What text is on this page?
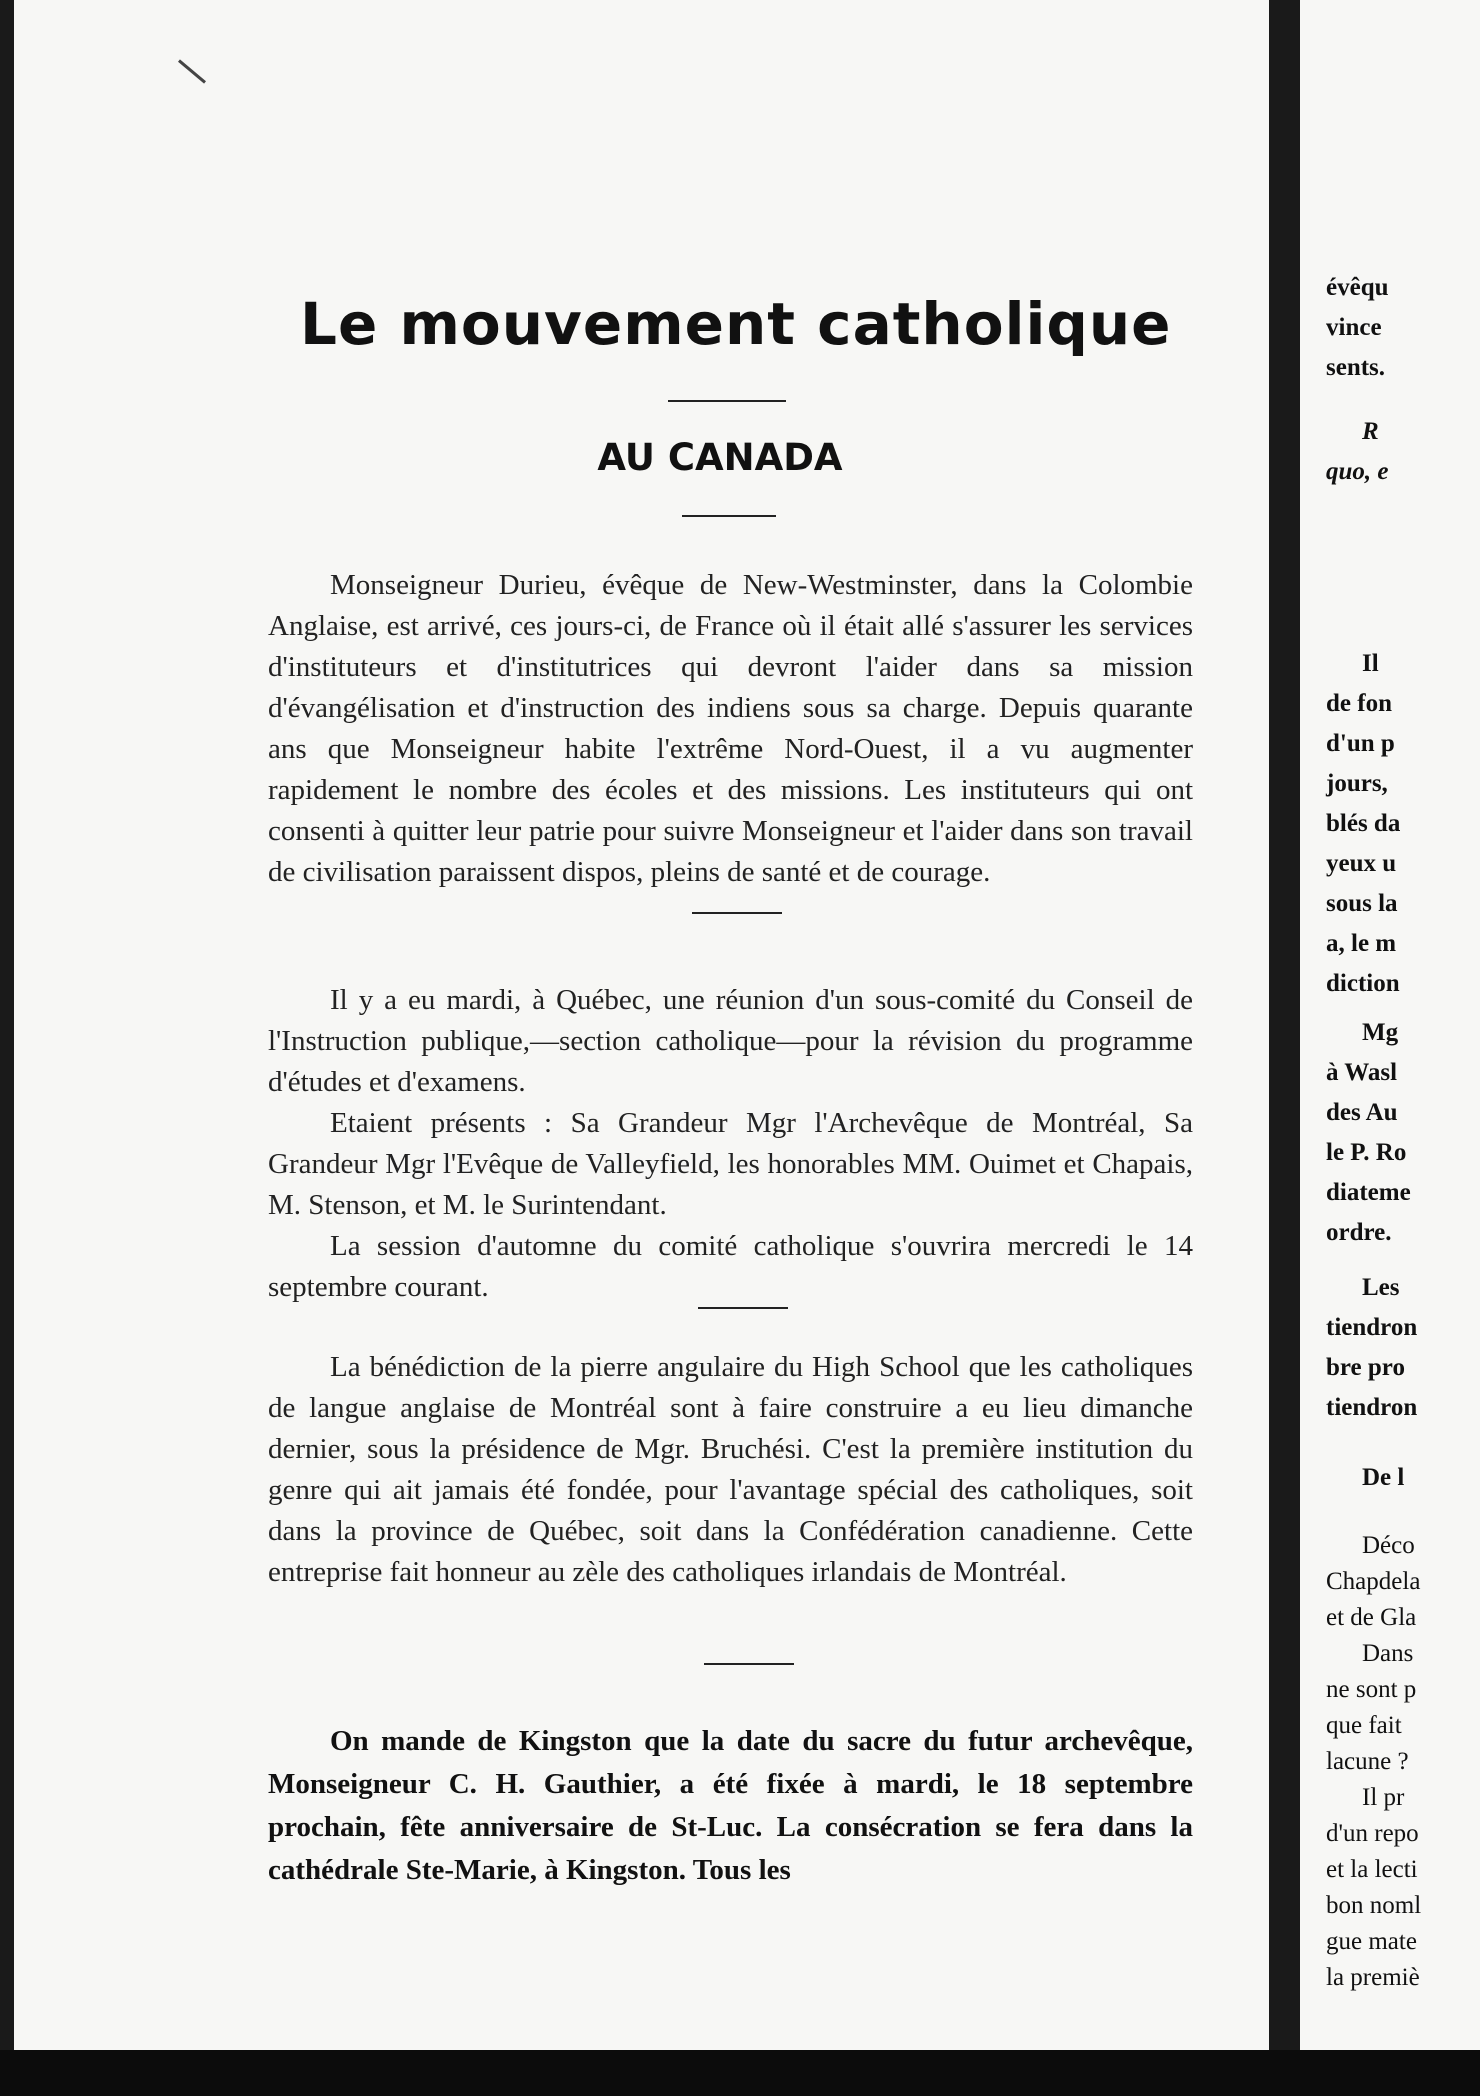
Le mouvement catholique
AU CANADA

Monseigneur Durieu, évêque de New-Westminster, dans la Colombie Anglaise, est arrivé, ces jours-ci, de France où il était allé s'assurer les services d'instituteurs et d'institutrices qui devront l'aider dans sa mission d'évangélisation et d'instruction des indiens sous sa charge. Depuis quarante ans que Monseigneur habite l'extrême Nord-Ouest, il a vu augmenter rapidement le nombre des écoles et des missions. Les instituteurs qui ont consenti à quitter leur patrie pour suivre Monseigneur et l'aider dans son travail de civilisation paraissent dispos, pleins de santé et de courage.

Il y a eu mardi, à Québec, une réunion d'un sous-comité du Conseil de l'Instruction publique,—section catholique—pour la révision du programme d'études et d'examens.

Etaient présents : Sa Grandeur Mgr l'Archevêque de Montréal, Sa Grandeur Mgr l'Evêque de Valleyfield, les honorables MM. Ouimet et Chapais, M. Stenson, et M. le Surintendant.

La session d'automne du comité catholique s'ouvrira mercredi le 14 septembre courant.

La bénédiction de la pierre angulaire du High School que les catholiques de langue anglaise de Montréal sont à faire construire a eu lieu dimanche dernier, sous la présidence de Mgr. Bruchési. C'est la première institution du genre qui ait jamais été fondée, pour l'avantage spécial des catholiques, soit dans la province de Québec, soit dans la Confédération canadienne. Cette entreprise fait honneur au zèle des catholiques irlandais de Montréal.

On mande de Kingston que la date du sacre du futur archevêque, Monseigneur C. H. Gauthier, a été fixée à mardi, le 18 septembre prochain, fête anniversaire de St-Luc. La consécration se fera dans la cathédrale Ste-Marie, à Kingston. Tous les

évêqu
vince
sents.
R
quo, e
Il
de fon
d'un p
jours,
blés da
yeux u
sous la
a, le m
diction
Mg
à Wasl
des Au
le P. Ro
diateme
ordre.
Les
tiendron
bre pro
tiendron
De l
Déco
Chapdela
et de Gla
Dans
ne sont p
que fait
lacune ?
Il pr
d'un repo
et la lecti
bon noml
gue mate
la premiè
